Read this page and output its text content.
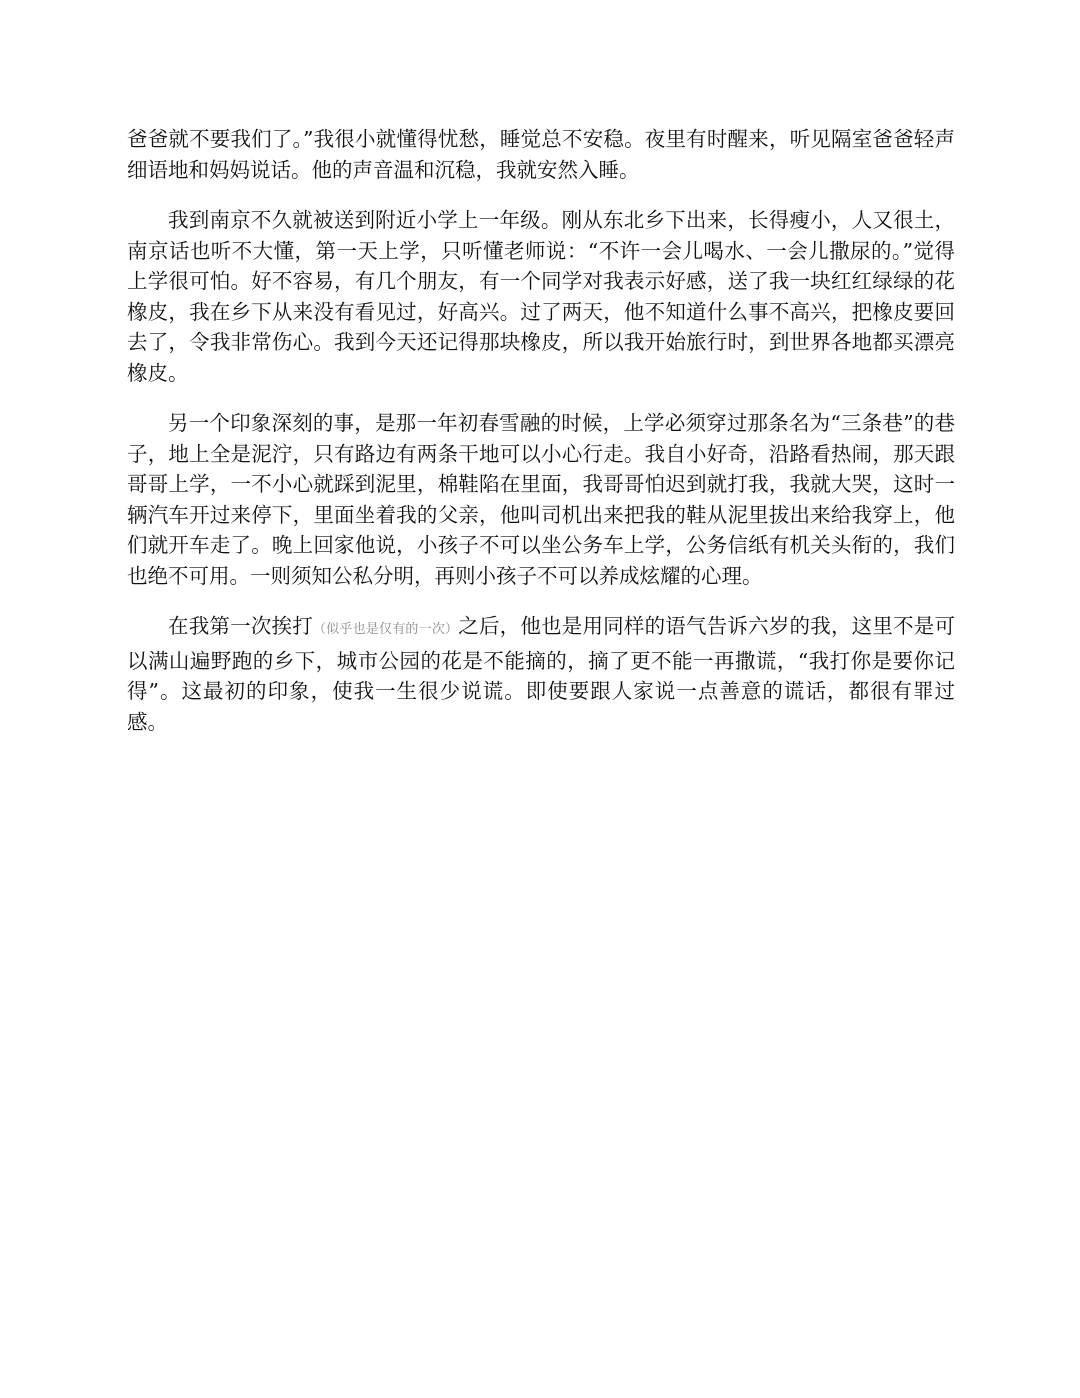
爸爸就不要我们了。”我很小就懂得忧愁，睡觉总不安稳。夜里有时醒来，听见隔室爸爸轻声细语地和妈妈说话。他的声音温和沉稳，我就安然入睡。

我到南京不久就被送到附近小学上一年级。刚从东北乡下出来，长得瘦小，人又很土，南京话也听不大懂，第一天上学，只听懂老师说：“不许一会儿喝水、一会儿撒尿的。”觉得上学很可怕。好不容易，有几个朋友，有一个同学对我表示好感，送了我一块红红绿绿的花橡皮，我在乡下从来没有看见过，好高兴。过了两天，他不知道什么事不高兴，把橡皮要回去了，令我非常伤心。我到今天还记得那块橡皮，所以我开始旅行时，到世界各地都买漂亮橡皮。

另一个印象深刻的事，是那一年初春雪融的时候，上学必须穿过那条名为“三条巷”的巷子，地上全是泥泞，只有路边有两条干地可以小心行走。我自小好奇，沿路看热闹，那天跟哥哥上学，一不小心就踩到泥里，棉鞋陷在里面，我哥哥怕迟到就打我，我就大哭，这时一辆汽车开过来停下，里面坐着我的父亲，他叫司机出来把我的鞋从泥里拔出来给我穿上，他们就开车走了。晚上回家他说，小孩子不可以坐公务车上学，公务信纸有机关头衔的，我们也绝不可用。一则须知公私分明，再则小孩子不可以养成炫耀的心理。

在我第一次挨打（似乎也是仅有的一次）之后，他也是用同样的语气告诉六岁的我，这里不是可以满山遍野跑的乡下，城市公园的花是不能摘的，摘了更不能一再撒谎，“我打你是要你记得”。这最初的印象，使我一生很少说谎。即使要跟人家说一点善意的谎话，都很有罪过感。
